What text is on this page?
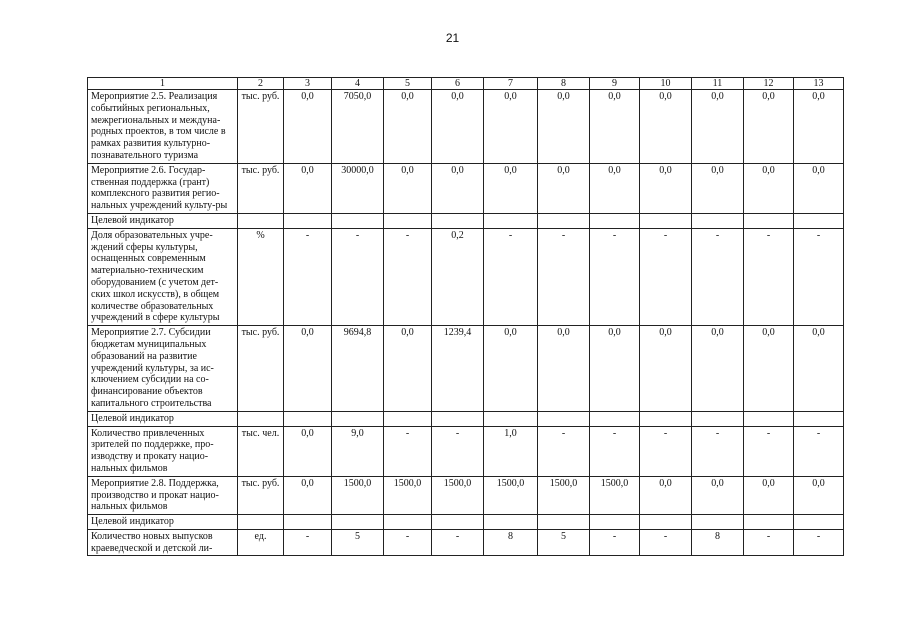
21
1	2	3	4	5	6	7	8	9	10	11	12	13
Мероприятие 2.5. Реализация событийных региональных, межрегиональных и междуна-родных проектов, в том числе в рамках развития культурно-познавательного туризма	тыс. руб.	0,0	7050,0	0,0	0,0	0,0	0,0	0,0	0,0	0,0	0,0	0,0
Мероприятие 2.6. Государ-ственная поддержка (грант) комплексного развития регио-нальных учреждений культу-ры	тыс. руб.	0,0	30000,0	0,0	0,0	0,0	0,0	0,0	0,0	0,0	0,0	0,0
Целевой индикатор												
Доля образовательных учре-ждений сферы культуры, оснащенных современным материально-техническим оборудованием (с учетом дет-ских школ искусств), в общем количестве образовательных учреждений в сфере культуры	%	-	-	-	0,2	-	-	-	-	-	-	-
Мероприятие 2.7. Субсидии бюджетам муниципальных образований на развитие учреждений культуры, за ис-ключением субсидии на со-финансирование объектов капитального строительства	тыс. руб.	0,0	9694,8	0,0	1239,4	0,0	0,0	0,0	0,0	0,0	0,0	0,0
Целевой индикатор												
Количество привлеченных зрителей по поддержке, про-изводству и прокату нацио-нальных фильмов	тыс. чел.	0,0	9,0	-	-	1,0	-	-	-	-	-	-
Мероприятие 2.8. Поддержка, производство и прокат нацио-нальных фильмов	тыс. руб.	0,0	1500,0	1500,0	1500,0	1500,0	1500,0	1500,0	0,0	0,0	0,0	0,0
Целевой индикатор												
Количество новых выпусков краеведческой и детской ли-	ед.	-	5	-	-	8	5	-	-	8	-	-
